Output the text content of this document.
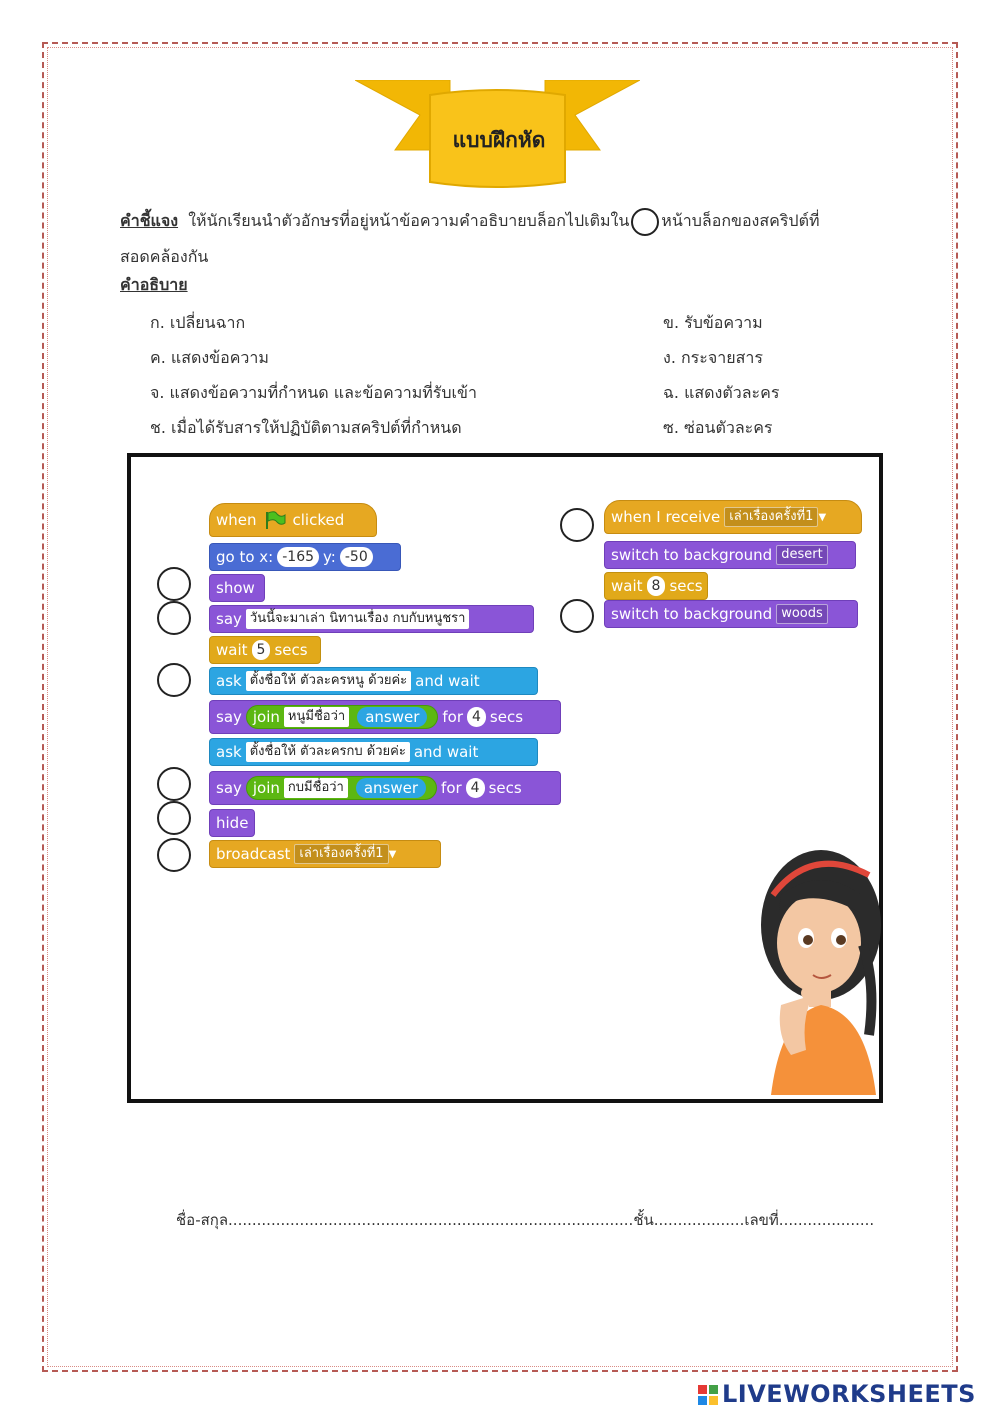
แบบฝึกหัด
คำชี้แจง ให้นักเรียนนำตัวอักษรที่อยู่หน้าข้อความคำอธิบายบล็อกไปเติมใน หน้าบล็อกของสคริปต์ที่สอดคล้องกัน
คำอธิบาย
ก. เปลี่ยนฉาก	ข. รับข้อความ
ค. แสดงข้อความ	ง. กระจายสาร
จ. แสดงข้อความที่กำหนด และข้อความที่รับเข้า	ฉ. แสดงตัวละคร
ช. เมื่อได้รับสารให้ปฏิบัติตามสคริปต์ที่กำหนด	ซ. ซ่อนตัวละคร
when clicked
go to x: -165 y: -50
show
say วันนี้จะมาเล่า นิทานเรื่อง กบกับหนูชรา
wait 5 secs
ask ตั้งชื่อให้ ตัวละครหนู ด้วยค่ะ and wait
say join หนูมีชื่อว่า	answer	for 4 secs
ask ตั้งชื่อให้ ตัวละครกบ ด้วยค่ะ and wait
say join กบมีชื่อว่า	answer	for 4 secs
hide
broadcast เล่าเรื่องครั้งที่1 ▼
when I receive เล่าเรื่องครั้งที่1 ▼
switch to background desert
wait 8 secs
switch to background woods
ชื่อ-สกุล.....................................................................................ชั้น...................เลขที่....................
LIVEWORKSHEETS
